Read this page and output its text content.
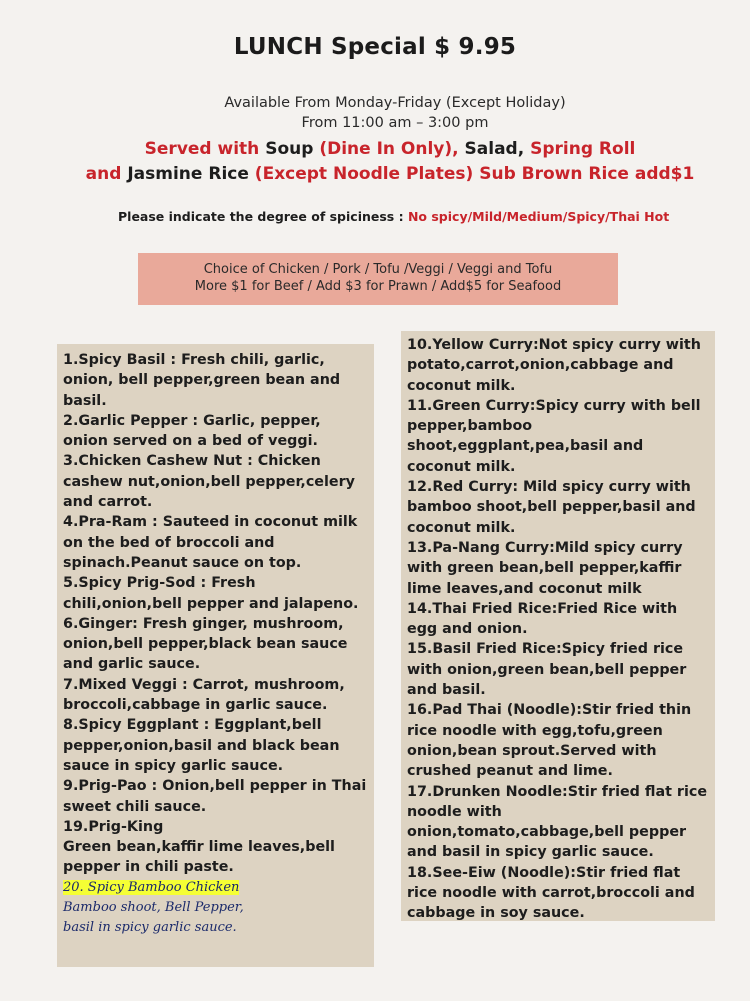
LUNCH Special $ 9.95
Available From Monday-Friday (Except Holiday)
From 11:00 am – 3:00 pm
Served with Soup (Dine In Only), Salad, Spring Roll
and Jasmine Rice (Except Noodle Plates) Sub Brown Rice add$1
Please indicate the degree of spiciness : No spicy/Mild/Medium/Spicy/Thai Hot
Choice of Chicken / Pork / Tofu /Veggi / Veggi and Tofu
More $1 for Beef / Add $3 for Prawn / Add$5 for Seafood
1.Spicy Basil : Fresh chili, garlic, onion, bell pepper,green bean and basil.
2.Garlic Pepper : Garlic, pepper, onion served on a bed of veggi.
3.Chicken Cashew Nut : Chicken cashew nut,onion,bell pepper,celery and carrot.
4.Pra-Ram : Sauteed in coconut milk on the bed of broccoli and spinach.Peanut sauce on top.
5.Spicy Prig-Sod : Fresh chili,onion,bell pepper and jalapeno.
6.Ginger: Fresh ginger, mushroom, onion,bell pepper,black bean sauce and garlic sauce.
7.Mixed Veggi : Carrot, mushroom, broccoli,cabbage in garlic sauce.
8.Spicy Eggplant : Eggplant,bell pepper,onion,basil and black bean sauce in spicy garlic sauce.
9.Prig-Pao : Onion,bell pepper in Thai sweet chili sauce.
19.Prig-King
Green bean,kaffir lime leaves,bell pepper in chili paste.
20. Spicy Bamboo Chicken
Bamboo shoot, Bell Pepper,
basil in spicy garlic sauce.
10.Yellow Curry:Not spicy curry with potato,carrot,onion,cabbage and coconut milk.
11.Green Curry:Spicy curry with bell pepper,bamboo shoot,eggplant,pea,basil and coconut milk.
12.Red Curry: Mild spicy curry with bamboo shoot,bell pepper,basil and coconut milk.
13.Pa-Nang Curry:Mild spicy curry with green bean,bell pepper,kaffir lime leaves,and coconut milk
14.Thai Fried Rice:Fried Rice with egg and onion.
15.Basil Fried Rice:Spicy fried rice with onion,green bean,bell pepper and basil.
16.Pad Thai (Noodle):Stir fried thin rice noodle with egg,tofu,green onion,bean sprout.Served with crushed peanut and lime.
17.Drunken Noodle:Stir fried flat rice noodle with onion,tomato,cabbage,bell pepper and basil in spicy garlic sauce.
18.See-Eiw (Noodle):Stir fried flat rice noodle with carrot,broccoli and cabbage in soy sauce.
